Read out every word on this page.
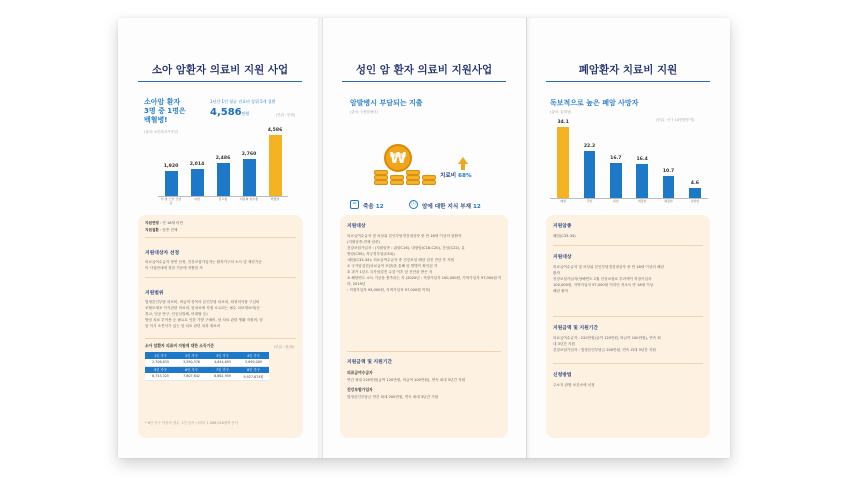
소아 암환자 의료비 지원 사업
소아암 환자
3명 중 1명은
백혈병!
(출처: 보건복지가족부)
1년간 1인 평균 진료비 상위 5개 질환
4,586만원	(단위 : 만원)
1,920
부·방 근골 건염증
2,014
뇌암
2,486
림프종
2,760
미분화 골수종
4,586
백혈병
지원연령 : 만 18세 미만
지원질환 : 암종 전체
지원대상자 선정
의료급여수급자 당연 선정, 건강보험가입자는 환자가구의 소득 및 재산기준
이 사업안내에 정한 기준에 적합한 자
지원범위
법정본인부담 의료비, 비급여 항목의 본인부담 의료비, 희귀의약품 구입비
조혈모세포 이식관련 의료비, 암치료에 직접 소요되는 필수 치료재료비(신
경교, 인공 안구, 인공심밀폐, 비대탈 등)
방암 치료 부작용 등 필요로 인한 가발 구매비, 암 치료 관련 생활 지원비, 암
암 이식 소견서가 있는 암 치료 관련 치과 재료비
소아 암환자 의료비 지원에 대한 소득기준	(단위 : 원/월)
1인 가구	2인 가구	3인 가구	4인 가구
2,706,633	3,590,376	4,644,693	5,699,009
5인 가구	6인 가구	7인 가구	8인 가구
6,753,325	7,807,642	8,861,959	9,927,674원
* 8인 가구 이상의 경우, 1인 증가 시마다 1,066,016원씩 증가
성인 암 환자 의료비 지원사업
암발병시 부담되는 지출
(출처: 국립암센터)
₩
치료비 68%
⚰	죽음 12	ⓘ	암에 대한 지식 부재 12
지원대상
의료급여수급자 및 차상위 본인부담경감대상자 중 만 18세 이상의 암환자
(지원암종:전체 암종)
건강보험가입자 : (지원암종 : 위암C16), 대장암(C18-C20), 간암(C22), 유
방암(C50), 자궁경부암(C53))
·폐암(C33-34): 의료급여수급자 중 건강보험 폐암 검진 진단 후 지원
① 국가암검진(의료급여 포함)을 통해 암 발병이 확인된 자
② 과거 1년도 국가암검진 수검 이후 암 진단을 받은 자
③ 해당연도 소득 기준을 충족하는 자 (2020년 : 직장가입자 100,000원, 지역가입자 97,000원 이하, 2019년
: 직장가입자 93,000원, 지역가입자 97,000원 이하)
지원금액 및 지원기간
의료급여수급자
연간 최대 220만원(급여 120만원, 비급여 100만원), 연속 최대 3년간 지원
건강보험가입자
법정본인부담금 연간 최대 200만원, 연속 최대 3년간 지원
폐암환자 치료비 지원
독보적으로 높은 폐암 사망자
(출처: 통계청)
(단위 : 인구 10만명당 명)
34.1
폐암
22.2
간암
16.7
위암
16.4
대장암
10.7
췌장암
4.6
유방암
지원암종
폐암(C33-34)
지원대상
의료급여수급자 및 차상위 본인부담경감대상자 중 만 18세 이상의 폐암
환자
건강보험가입자(당해연도 1월 건강보험료 부과액이 직장가입자
100,000원, 지역가입자 97,000원 이하인 저소득 만 18세 이상
폐암 환자
지원금액 및 지원기간
의료급여수급자 : 220만원(급여 120만원, 비급여 100만원), 연속 최
대 3년간 지원
건강보험가입자 : 법정본인부담금 200만원, 연속 최대 3년간 지원
신청방법
주소지 관할 보건소에 신청
